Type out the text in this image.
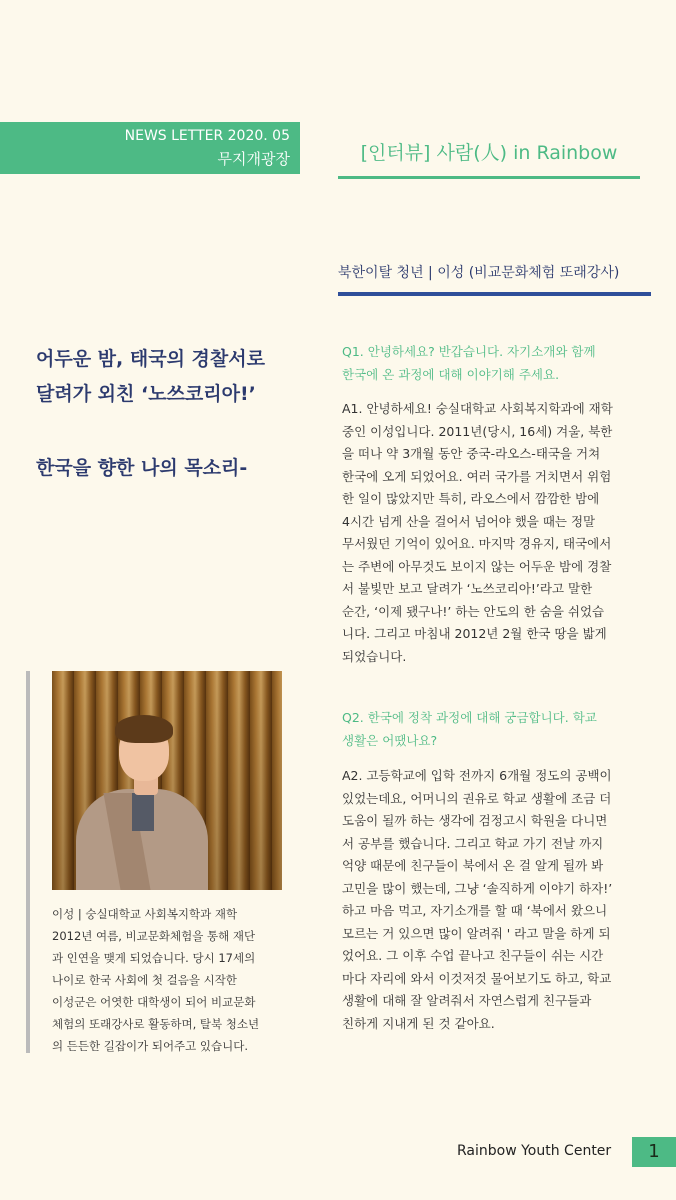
NEWS LETTER 2020. 05
무지개광장	[인터뷰] 사람(人) in Rainbow
북한이탈 청년 | 이성 (비교문화체험 또래강사)
어두운 밤, 태국의 경찰서로
달려가 외친 ‘노쓰코리아!’
한국을 향한 나의 목소리-

이성 | 숭실대학교 사회복지학과 재학

2012년 여름, 비교문화체험을 통해 재단

과 인연을 맺게 되었습니다. 당시 17세의

나이로 한국 사회에 첫 걸음을 시작한

이성군은 어엿한 대학생이 되어 비교문화

체험의 또래강사로 활동하며, 탈북 청소년

의 든든한 길잡이가 되어주고 있습니다.

Q1. 안녕하세요? 반갑습니다. 자기소개와 함께

한국에 온 과정에 대해 이야기해 주세요.

A1. 안녕하세요! 숭실대학교 사회복지학과에 재학

중인 이성입니다. 2011년(당시, 16세) 겨울, 북한

을 떠나 약 3개월 동안 중국-라오스-태국을 거쳐

한국에 오게 되었어요. 여러 국가를 거치면서 위험

한 일이 많았지만 특히, 라오스에서 깜깜한 밤에

4시간 넘게 산을 걸어서 넘어야 했을 때는 정말

무서웠던 기억이 있어요. 마지막 경유지, 태국에서

는 주변에 아무것도 보이지 않는 어두운 밤에 경찰

서 불빛만 보고 달려가 ‘노쓰코리아!’라고 말한

순간, ‘이제 됐구나!’ 하는 안도의 한 숨을 쉬었습

니다. 그리고 마침내 2012년 2월 한국 땅을 밟게

되었습니다.

Q2. 한국에 정착 과정에 대해 궁금합니다. 학교

생활은 어땠나요?

A2. 고등학교에 입학 전까지 6개월 정도의 공백이

있었는데요, 어머니의 권유로 학교 생활에 조금 더

도움이 될까 하는 생각에 검정고시 학원을 다니면

서 공부를 했습니다. 그리고 학교 가기 전날 까지

억양 때문에 친구들이 북에서 온 걸 알게 될까 봐

고민을 많이 했는데, 그냥 ‘솔직하게 이야기 하자!’

하고 마음 먹고, 자기소개를 할 때 ‘북에서 왔으니

모르는 거 있으면 많이 알려줘 ' 라고 말을 하게 되

었어요. 그 이후 수업 끝나고 친구들이 쉬는 시간

마다 자리에 와서 이것저것 물어보기도 하고, 학교

생활에 대해 잘 알려줘서 자연스럽게 친구들과

친하게 지내게 된 것 같아요.

Rainbow Youth Center	1
